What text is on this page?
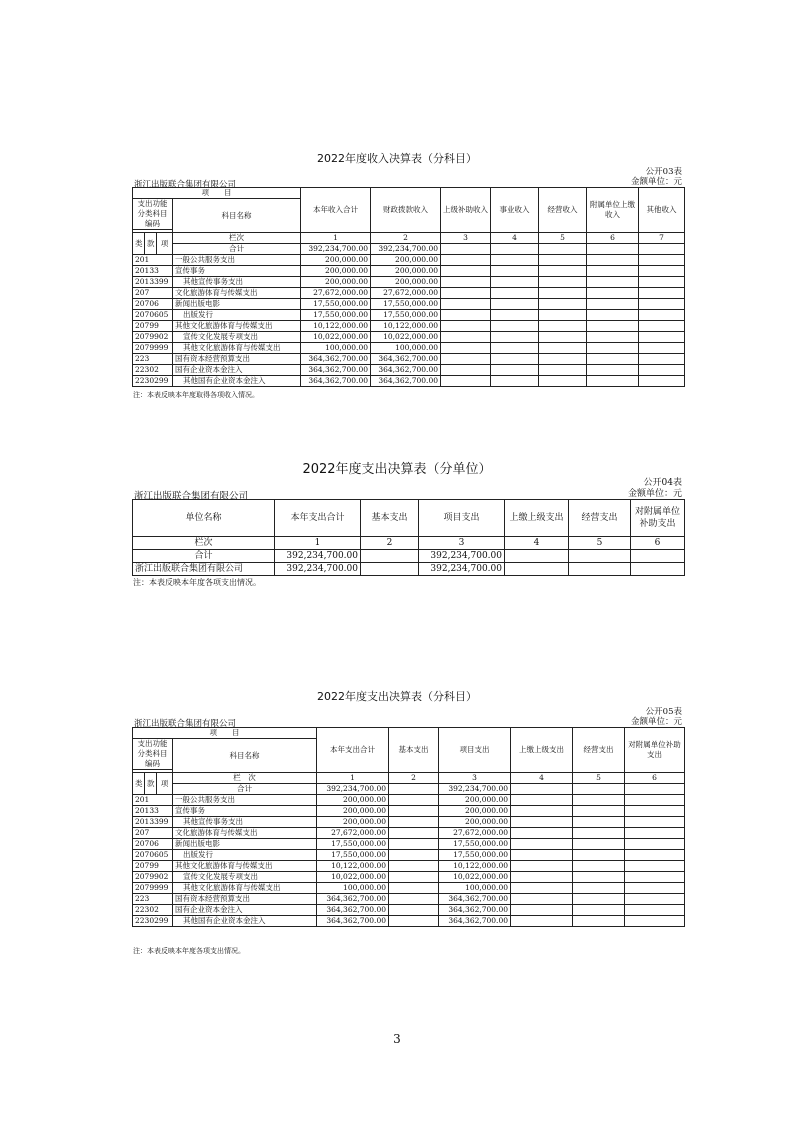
2022年度收入决算表（分科目）
公开03表
金额单位：元
浙江出版联合集团有限公司
项　　目				本年收入合计	财政拨款收入	上级补助收入	事业收入	经营收入	附属单位上缴收入	其他收入
支出功能分类科目编码			科目名称							

类	款	项	栏次	1	2	3	4	5	6	7
			合计	392,234,700.00	392,234,700.00					
201			一般公共服务支出	200,000.00	200,000.00					
20133			宣传事务	200,000.00	200,000.00					
2013399			其他宣传事务支出	200,000.00	200,000.00					
207			文化旅游体育与传媒支出	27,672,000.00	27,672,000.00					
20706			新闻出版电影	17,550,000.00	17,550,000.00					
2070605			出版发行	17,550,000.00	17,550,000.00					
20799			其他文化旅游体育与传媒支出	10,122,000.00	10,122,000.00					
2079902			宣传文化发展专项支出	10,022,000.00	10,022,000.00					
2079999			其他文化旅游体育与传媒支出	100,000.00	100,000.00					
223			国有资本经营预算支出	364,362,700.00	364,362,700.00					
22302			国有企业资本金注入	364,362,700.00	364,362,700.00					
2230299			其他国有企业资本金注入	364,362,700.00	364,362,700.00					
注：本表反映本年度取得各项收入情况。
2022年度支出决算表（分单位）
公开04表
金额单位：元
浙江出版联合集团有限公司
单位名称	本年支出合计	基本支出	项目支出	上缴上级支出	经营支出	对附属单位补助支出
栏次	1	2	3	4	5	6
合计	392,234,700.00		392,234,700.00			
浙江出版联合集团有限公司	392,234,700.00		392,234,700.00			
注：本表反映本年度各项支出情况。
2022年度支出决算表（分科目）
公开05表
金额单位：元
浙江出版联合集团有限公司
项　　目				本年支出合计	基本支出	项目支出	上缴上级支出	经营支出	对附属单位补助支出
支出功能分类科目编码			科目名称						

类	款	项	栏　次	1	2	3	4	5	6
			合计	392,234,700.00		392,234,700.00			
201			一般公共服务支出	200,000.00		200,000.00			
20133			宣传事务	200,000.00		200,000.00			
2013399			其他宣传事务支出	200,000.00		200,000.00			
207			文化旅游体育与传媒支出	27,672,000.00		27,672,000.00			
20706			新闻出版电影	17,550,000.00		17,550,000.00			
2070605			出版发行	17,550,000.00		17,550,000.00			
20799			其他文化旅游体育与传媒支出	10,122,000.00		10,122,000.00			
2079902			宣传文化发展专项支出	10,022,000.00		10,022,000.00			
2079999			其他文化旅游体育与传媒支出	100,000.00		100,000.00			
223			国有资本经营预算支出	364,362,700.00		364,362,700.00			
22302			国有企业资本金注入	364,362,700.00		364,362,700.00			
2230299			其他国有企业资本金注入	364,362,700.00		364,362,700.00			
注：本表反映本年度各项支出情况。
3
